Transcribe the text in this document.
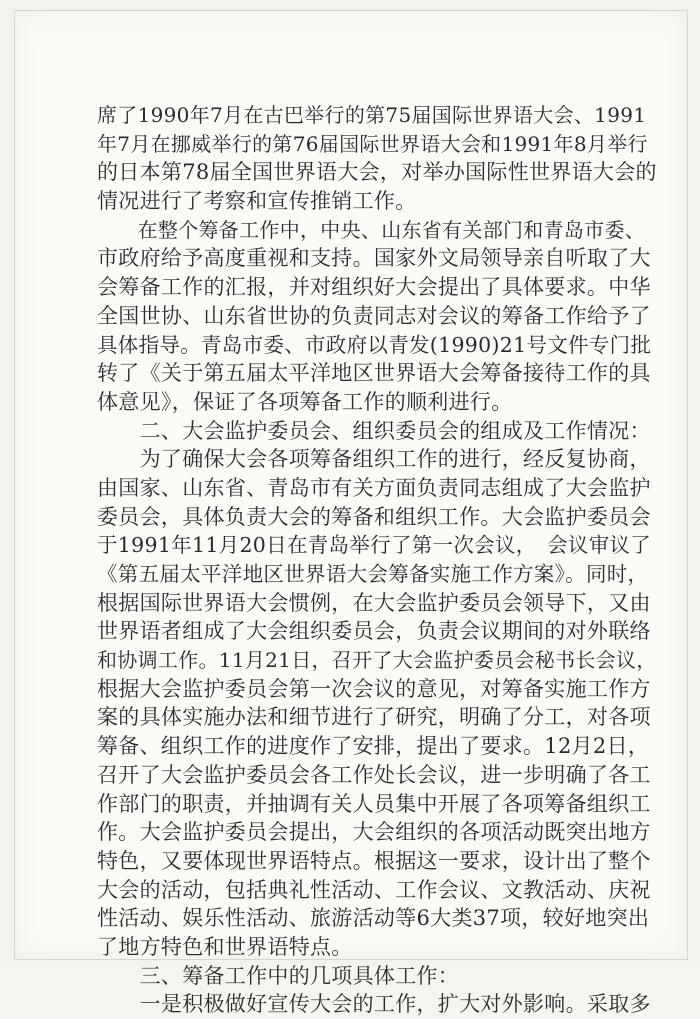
席了1990年7月在古巴举行的第75届国际世界语大会、1991
年7月在挪威举行的第76届国际世界语大会和1991年8月举行
的日本第78届全国世界语大会，对举办国际性世界语大会的
情况进行了考察和宣传推销工作。
　　在整个筹备工作中，中央、山东省有关部门和青岛市委、
市政府给予高度重视和支持。国家外文局领导亲自听取了大
会筹备工作的汇报，并对组织好大会提出了具体要求。中华
全国世协、山东省世协的负责同志对会议的筹备工作给予了
具体指导。青岛市委、市政府以青发(1990)21号文件专门批
转了《关于第五届太平洋地区世界语大会筹备接待工作的具
体意见》，保证了各项筹备工作的顺利进行。
　　二、大会监护委员会、组织委员会的组成及工作情况：
　　为了确保大会各项筹备组织工作的进行，经反复协商，
由国家、山东省、青岛市有关方面负责同志组成了大会监护
委员会，具体负责大会的筹备和组织工作。大会监护委员会
于1991年11月20日在青岛举行了第一次会议，　会议审议了
《第五届太平洋地区世界语大会筹备实施工作方案》。同时，
根据国际世界语大会惯例，在大会监护委员会领导下，又由
世界语者组成了大会组织委员会，负责会议期间的对外联络
和协调工作。11月21日，召开了大会监护委员会秘书长会议，
根据大会监护委员会第一次会议的意见，对筹备实施工作方
案的具体实施办法和细节进行了研究，明确了分工，对各项
筹备、组织工作的进度作了安排，提出了要求。12月2日，
召开了大会监护委员会各工作处长会议，进一步明确了各工
作部门的职责，并抽调有关人员集中开展了各项筹备组织工
作。大会监护委员会提出，大会组织的各项活动既突出地方
特色，又要体现世界语特点。根据这一要求，设计出了整个
大会的活动，包括典礼性活动、工作会议、文教活动、庆祝
性活动、娱乐性活动、旅游活动等6大类37项，较好地突出
了地方特色和世界语特点。
　　三、筹备工作中的几项具体工作：
　　一是积极做好宣传大会的工作，扩大对外影响。采取多
